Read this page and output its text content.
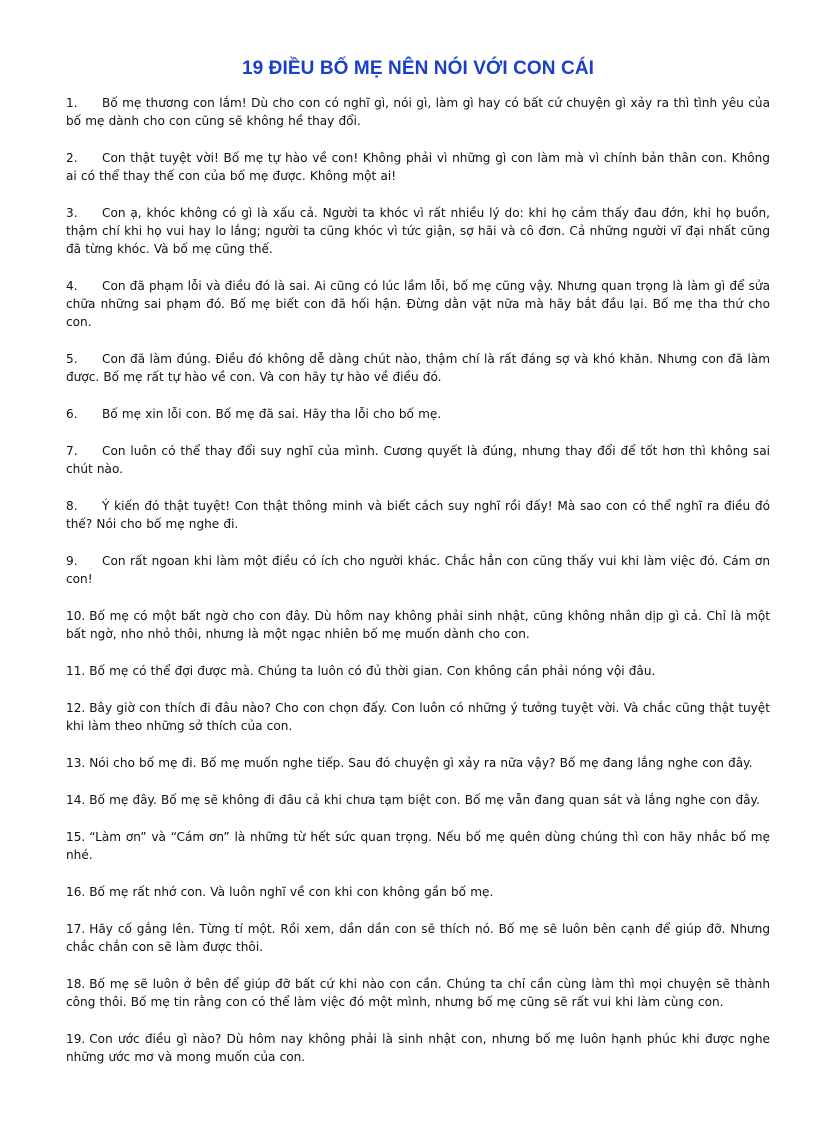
19 ĐIỀU BỐ MẸ NÊN NÓI VỚI CON CÁI

1. Bố mẹ thương con lắm! Dù cho con có nghĩ gì, nói gì, làm gì hay có bất cứ chuyện gì xảy ra thì tình yêu của bố mẹ dành cho con cũng sẽ không hề thay đổi.

2. Con thật tuyệt vời! Bố mẹ tự hào về con! Không phải vì những gì con làm mà vì chính bản thân con. Không ai có thể thay thế con của bố mẹ được. Không một ai!

3. Con ạ, khóc không có gì là xấu cả. Người ta khóc vì rất nhiều lý do: khi họ cảm thấy đau đớn, khi họ buồn, thậm chí khi họ vui hay lo lắng; người ta cũng khóc vì tức giận, sợ hãi và cô đơn. Cả những người vĩ đại nhất cũng đã từng khóc. Và bố mẹ cũng thế.

4. Con đã phạm lỗi và điều đó là sai. Ai cũng có lúc lầm lỗi, bố mẹ cũng vậy. Nhưng quan trọng là làm gì để sửa chữa những sai phạm đó. Bố mẹ biết con đã hối hận. Đừng dằn vặt nữa mà hãy bắt đầu lại. Bố mẹ tha thứ cho con.

5. Con đã làm đúng. Điều đó không dễ dàng chút nào, thậm chí là rất đáng sợ và khó khăn. Nhưng con đã làm được. Bố mẹ rất tự hào về con. Và con hãy tự hào về điều đó.

6. Bố mẹ xin lỗi con. Bố mẹ đã sai. Hãy tha lỗi cho bố mẹ.

7. Con luôn có thể thay đổi suy nghĩ của mình. Cương quyết là đúng, nhưng thay đổi để tốt hơn thì không sai chút nào.

8. Ý kiến đó thật tuyệt! Con thật thông minh và biết cách suy nghĩ rồi đấy! Mà sao con có thể nghĩ ra điều đó thế? Nói cho bố mẹ nghe đi.

9. Con rất ngoan khi làm một điều có ích cho người khác. Chắc hẳn con cũng thấy vui khi làm việc đó. Cám ơn con!

10. Bố mẹ có một bất ngờ cho con đây. Dù hôm nay không phải sinh nhật, cũng không nhân dịp gì cả. Chỉ là một bất ngờ, nho nhỏ thôi, nhưng là một ngạc nhiên bố mẹ muốn dành cho con.

11. Bố mẹ có thể đợi được mà. Chúng ta luôn có đủ thời gian. Con không cần phải nóng vội đâu.

12. Bây giờ con thích đi đâu nào? Cho con chọn đấy. Con luôn có những ý tưởng tuyệt vời. Và chắc cũng thật tuyệt khi làm theo những sở thích của con.

13. Nói cho bố mẹ đi. Bố mẹ muốn nghe tiếp. Sau đó chuyện gì xảy ra nữa vậy? Bố mẹ đang lắng nghe con đây.

14. Bố mẹ đây. Bố mẹ sẽ không đi đâu cả khi chưa tạm biệt con. Bố mẹ vẫn đang quan sát và lắng nghe con đây.

15. “Làm ơn” và “Cám ơn” là những từ hết sức quan trọng. Nếu bố mẹ quên dùng chúng thì con hãy nhắc bố mẹ nhé.

16. Bố mẹ rất nhớ con. Và luôn nghĩ về con khi con không gần bố mẹ.

17. Hãy cố gắng lên. Từng tí một. Rồi xem, dần dần con sẽ thích nó. Bố mẹ sẽ luôn bên cạnh để giúp đỡ. Nhưng chắc chắn con sẽ làm được thôi.

18. Bố mẹ sẽ luôn ở bên để giúp đỡ bất cứ khi nào con cần. Chúng ta chỉ cần cùng làm thì mọi chuyện sẽ thành công thôi. Bố mẹ tin rằng con có thể làm việc đó một mình, nhưng bố mẹ cũng sẽ rất vui khi làm cùng con.

19. Con ước điều gì nào? Dù hôm nay không phải là sinh nhật con, nhưng bố mẹ luôn hạnh phúc khi được nghe những ước mơ và mong muốn của con.
